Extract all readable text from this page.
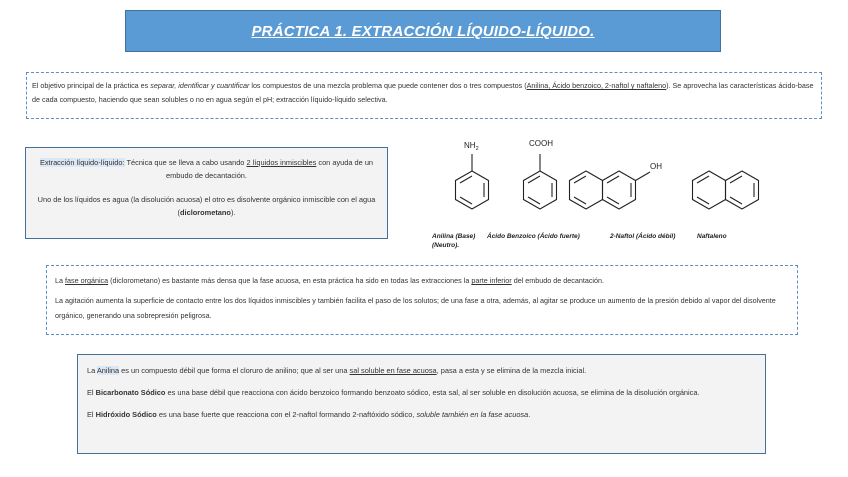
PRÁCTICA 1. EXTRACCIÓN LÍQUIDO-LÍQUIDO.

El objetivo principal de la práctica es separar, identificar y cuantificar los compuestos de una mezcla problema que puede contener dos o tres compuestos (Anilina, Ácido benzoico, 2-naftol y naftaleno). Se aprovecha las características ácido-base de cada compuesto, haciendo que sean solubles o no en agua según el pH; extracción líquido-líquido selectiva.

Extracción líquido-líquido: Técnica que se lleva a cabo usando 2 líquidos inmiscibles con ayuda de un embudo de decantación.

Uno de los líquidos es agua (la disolución acuosa) el otro es disolvente orgánico inmiscible con el agua (diclorometano).

$NH_2$
COOH
OH
Anilina (Base)
(Neutro).
Ácido Benzoico (Ácido fuerte)	2-Naftol (Ácido débil)	Naftaleno

La fase orgánica (diclorometano) es bastante más densa que la fase acuosa, en esta práctica ha sido en todas las extracciones la parte inferior del embudo de decantación.

La agitación aumenta la superficie de contacto entre los dos líquidos inmiscibles y también facilita el paso de los solutos; de una fase a otra, además, al agitar se produce un aumento de la presión debido al vapor del disolvente orgánico, generando una sobrepresión peligrosa.

La Anilina es un compuesto débil que forma el cloruro de anilino; que al ser una sal soluble en fase acuosa, pasa a esta y se elimina de la mezcla inicial.

El Bicarbonato Sódico es una base débil que reacciona con ácido benzoico formando benzoato sódico, esta sal, al ser soluble en disolución acuosa, se elimina de la disolución orgánica.

El Hidróxido Sódico es una base fuerte que reacciona con el 2-naftol formando 2-naftóxido sódico, soluble también en la fase acuosa.
